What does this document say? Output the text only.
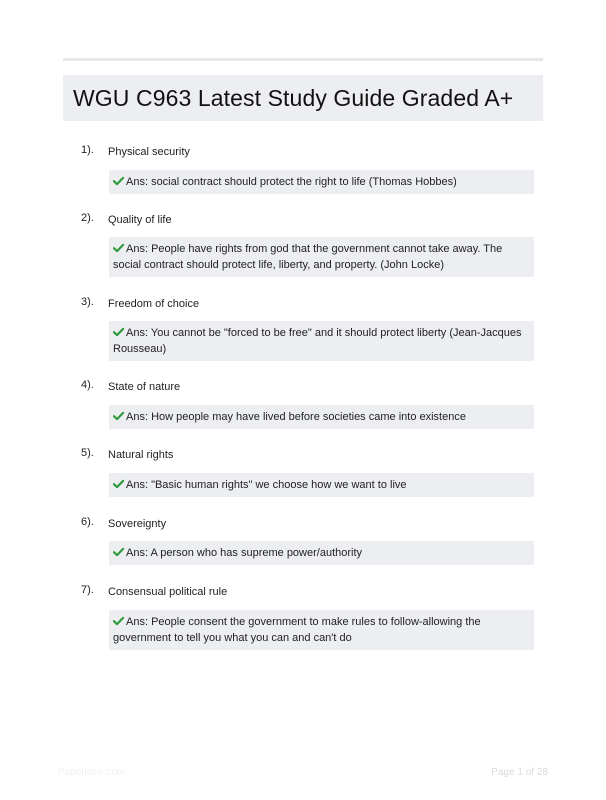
WGU C963 Latest Study Guide Graded A+
1). Physical security
Ans: social contract should protect the right to life (Thomas Hobbes)
2). Quality of life
Ans: People have rights from god that the government cannot take away. The social contract should protect life, liberty, and property. (John Locke)
3). Freedom of choice
Ans: You cannot be "forced to be free" and it should protect liberty (Jean-Jacques Rousseau)
4). State of nature
Ans: How people may have lived before societies came into existence
5). Natural rights
Ans: "Basic human rights" we choose how we want to live
6). Sovereignty
Ans: A person who has supreme power/authority
7). Consensual political rule
Ans: People consent the government to make rules to follow-allowing the government to tell you what you can and can't do
Paperlibre.com	Page 1 of 28
